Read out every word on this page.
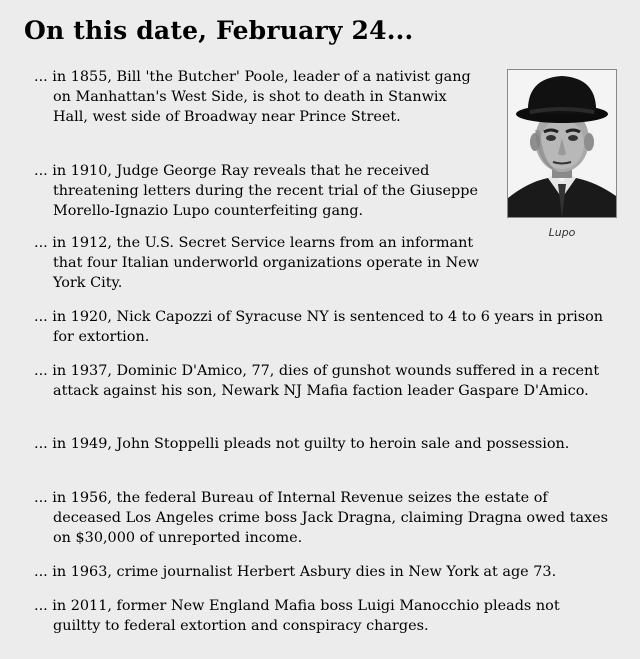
On this date, February 24...

... in 1855, Bill 'the Butcher' Poole, leader of a nativist gang on Manhattan's West Side, is shot to death in Stanwix Hall, west side of Broadway near Prince Street.

... in 1910, Judge George Ray reveals that he received threatening letters during the recent trial of the Giuseppe Morello-Ignazio Lupo counterfeiting gang.

... in 1912, the U.S. Secret Service learns from an informant that four Italian underworld organizations operate in New York City.

... in 1920, Nick Capozzi of Syracuse NY is sentenced to 4 to 6 years in prison for extortion.

... in 1937, Dominic D'Amico, 77, dies of gunshot wounds suffered in a recent attack against his son, Newark NJ Mafia faction leader Gaspare D'Amico.

... in 1949, John Stoppelli pleads not guilty to heroin sale and possession.

... in 1956, the federal Bureau of Internal Revenue seizes the estate of deceased Los Angeles crime boss Jack Dragna, claiming Dragna owed taxes on $30,000 of unreported income.

... in 1963, crime journalist Herbert Asbury dies in New York at age 73.

... in 2011, former New England Mafia boss Luigi Manocchio pleads not guiltty to federal extortion and conspiracy charges.

Lupo
